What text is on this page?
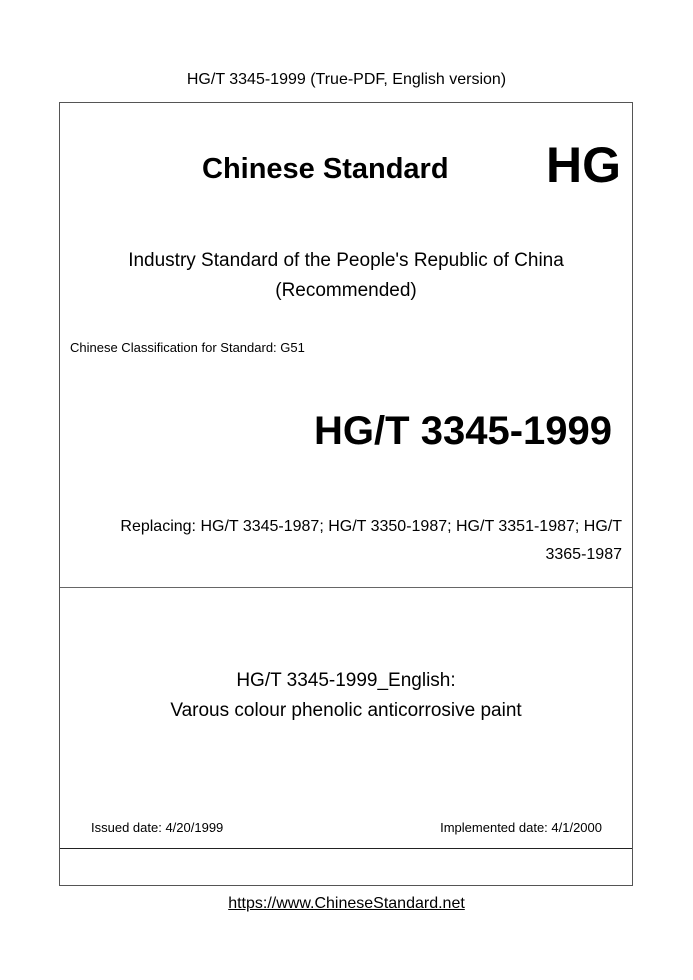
HG/T 3345-1999 (True-PDF, English version)
Chinese Standard HG
Industry Standard of the People's Republic of China
(Recommended)
Chinese Classification for Standard: G51
HG/T 3345-1999
Replacing: HG/T 3345-1987; HG/T 3350-1987; HG/T 3351-1987; HG/T 3365-1987
HG/T 3345-1999_English:
Varous colour phenolic anticorrosive paint
Issued date: 4/20/1999	Implemented date: 4/1/2000
https://www.ChineseStandard.net
